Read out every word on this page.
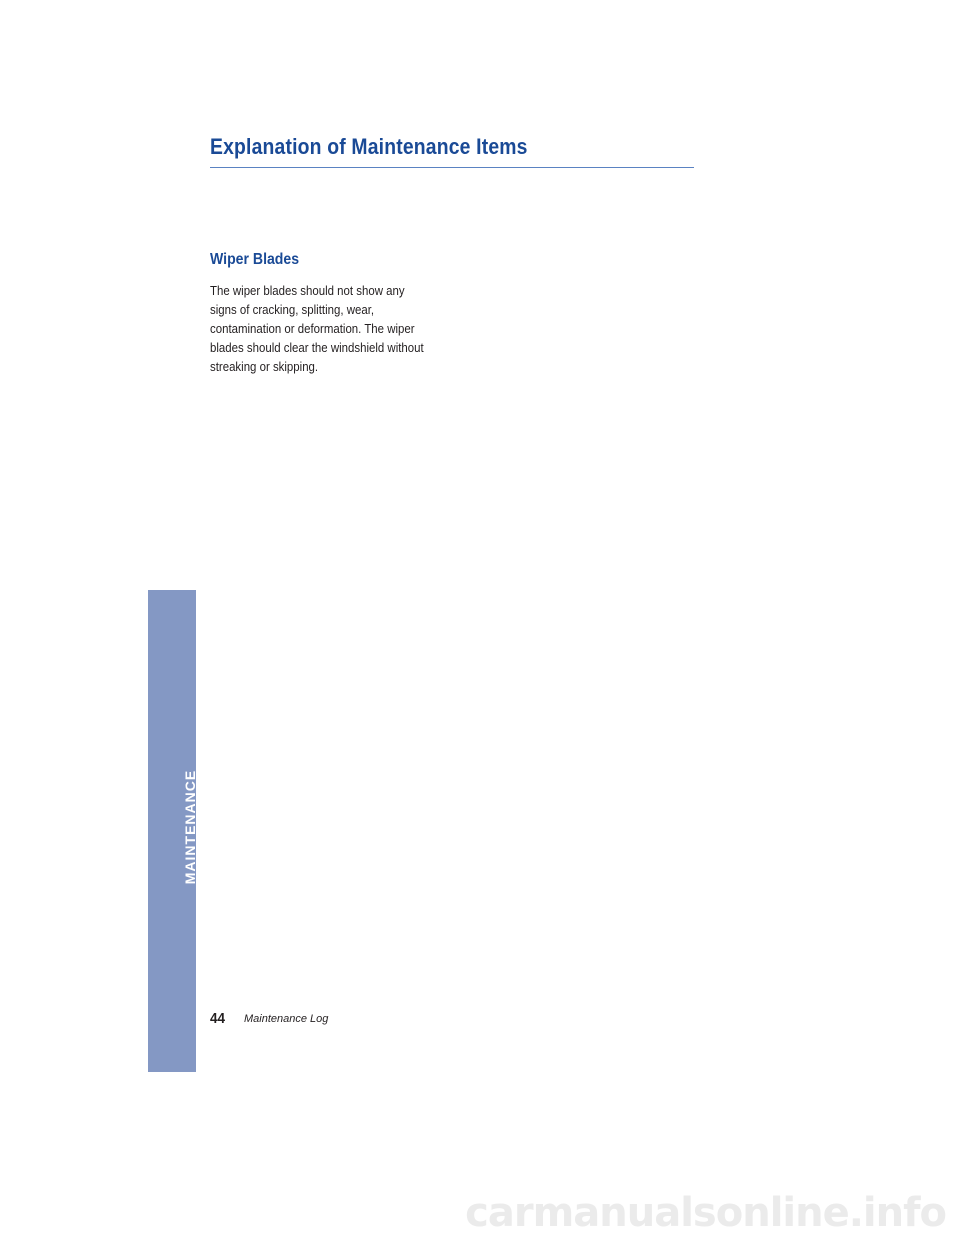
Explanation of Maintenance Items
Wiper Blades

The wiper blades should not show any
signs of cracking, splitting, wear,
contamination or deformation. The wiper
blades should clear the windshield without
streaking or skipping.

MAINTENANCE
44 Maintenance Log
carmanualsonline.info
